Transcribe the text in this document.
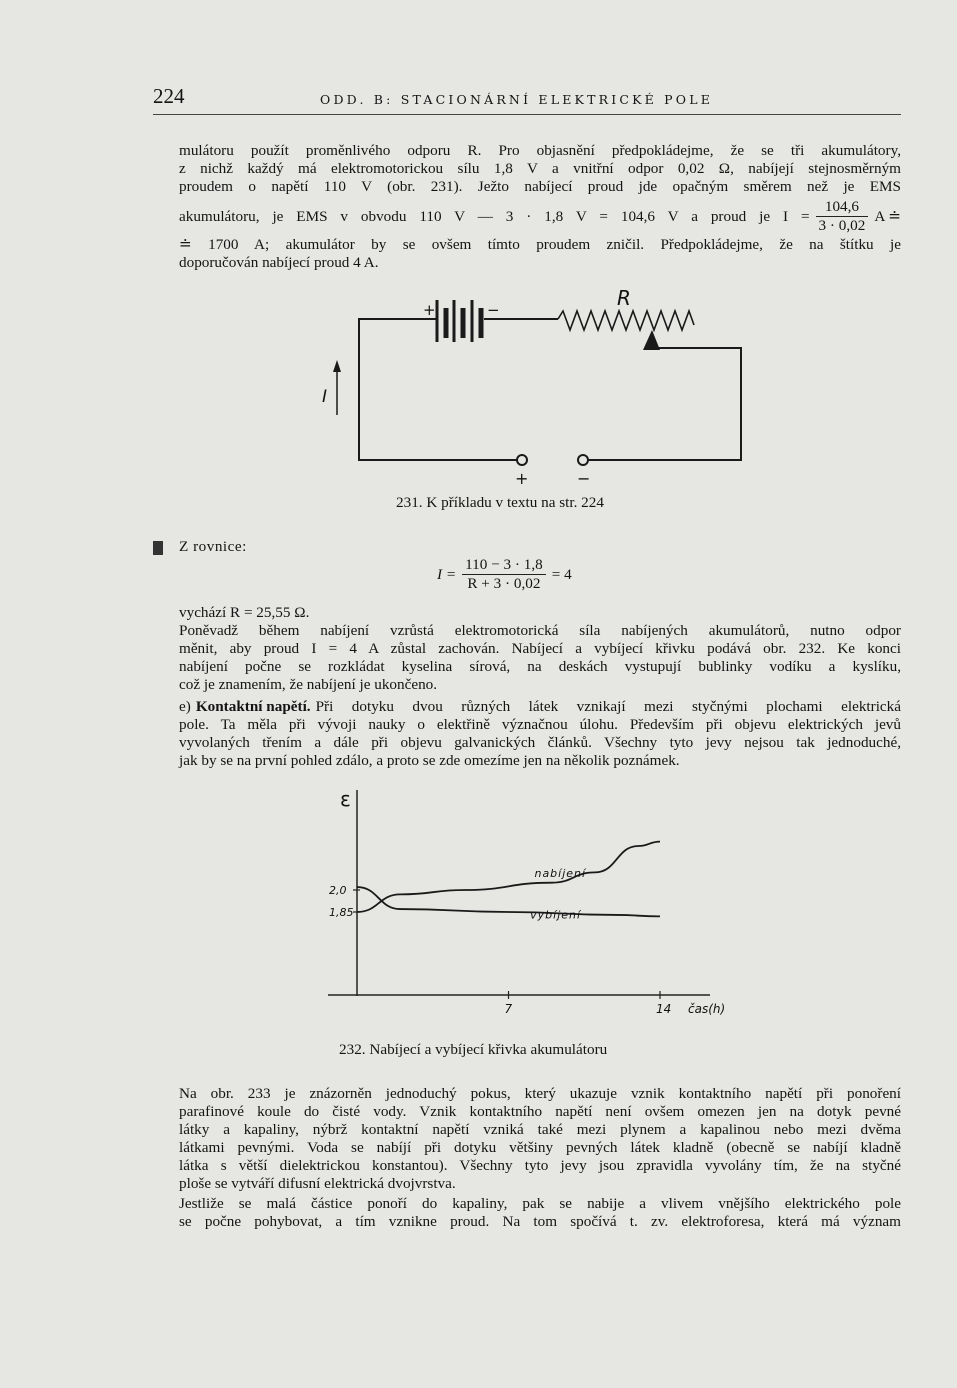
224	ODD. B: STACIONÁRNÍ ELEKTRICKÉ POLE
mulátoru použít proměnlivého odporu R. Pro objasnění předpokládejme, že se tři akumulátory,
z nichž každý má elektromotorickou sílu 1,8 V a vnitřní odpor 0,02 Ω, nabíjejí stejnosměrným
proudem o napětí 110 V (obr. 231). Ježto nabíjecí proud jde opačným směrem než je EMS
akumulátoru, je EMS v obvodu 110 V — 3 · 1,8 V = 104,6 V a proud je $I = \frac{104,6}{3 \cdot 0,02}$ A ≐
≐ 1700 A; akumulátor by se ovšem tímto proudem zničil. Předpokládejme, že na štítku je
doporučován nabíjecí proud 4 A.
+	−	R
I
+	−
231. K příkladu v textu na str. 224
Z rovnice:
$I = \frac{110 - 3 \cdot 1,8}{R + 3 \cdot 0,02} = 4$
vychází R = 25,55 Ω.
Poněvadž během nabíjení vzrůstá elektromotorická síla nabíjených akumulátorů, nutno odpor
měnit, aby proud I = 4 A zůstal zachován. Nabíjecí a vybíjecí křivku podává obr. 232. Ke konci
nabíjení počne se rozkládat kyselina sírová, na deskách vystupují bublinky vodíku a kyslíku,
což je znamením, že nabíjení je ukončeno.
e) Kontaktní napětí. Při dotyku dvou různých látek vznikají mezi styčnými plochami elektrická
pole. Ta měla při vývoji nauky o elektřině význačnou úlohu. Především při objevu elektrických jevů
vyvolaných třením a dále při objevu galvanických článků. Všechny tyto jevy nejsou tak jednoduché,
jak by se na první pohled zdálo, a proto se zde omezíme jen na několik poznámek.
ε
čas(h)
2,0
1,85
7	14
nabíjení
vybíjení
232. Nabíjecí a vybíjecí křivka akumulátoru
Na obr. 233 je znázorněn jednoduchý pokus, který ukazuje vznik kontaktního napětí při ponoření
parafinové koule do čisté vody. Vznik kontaktního napětí není ovšem omezen jen na dotyk pevné
látky a kapaliny, nýbrž kontaktní napětí vzniká také mezi plynem a kapalinou nebo mezi dvěma
látkami pevnými. Voda se nabíjí při dotyku většiny pevných látek kladně (obecně se nabíjí kladně
látka s větší dielektrickou konstantou). Všechny tyto jevy jsou zpravidla vyvolány tím, že na styčné
ploše se vytváří difusní elektrická dvojvrstva.
Jestliže se malá částice ponoří do kapaliny, pak se nabije a vlivem vnějšího elektrického pole
se počne pohybovat, a tím vznikne proud. Na tom spočívá t. zv. elektroforesa, která má význam
